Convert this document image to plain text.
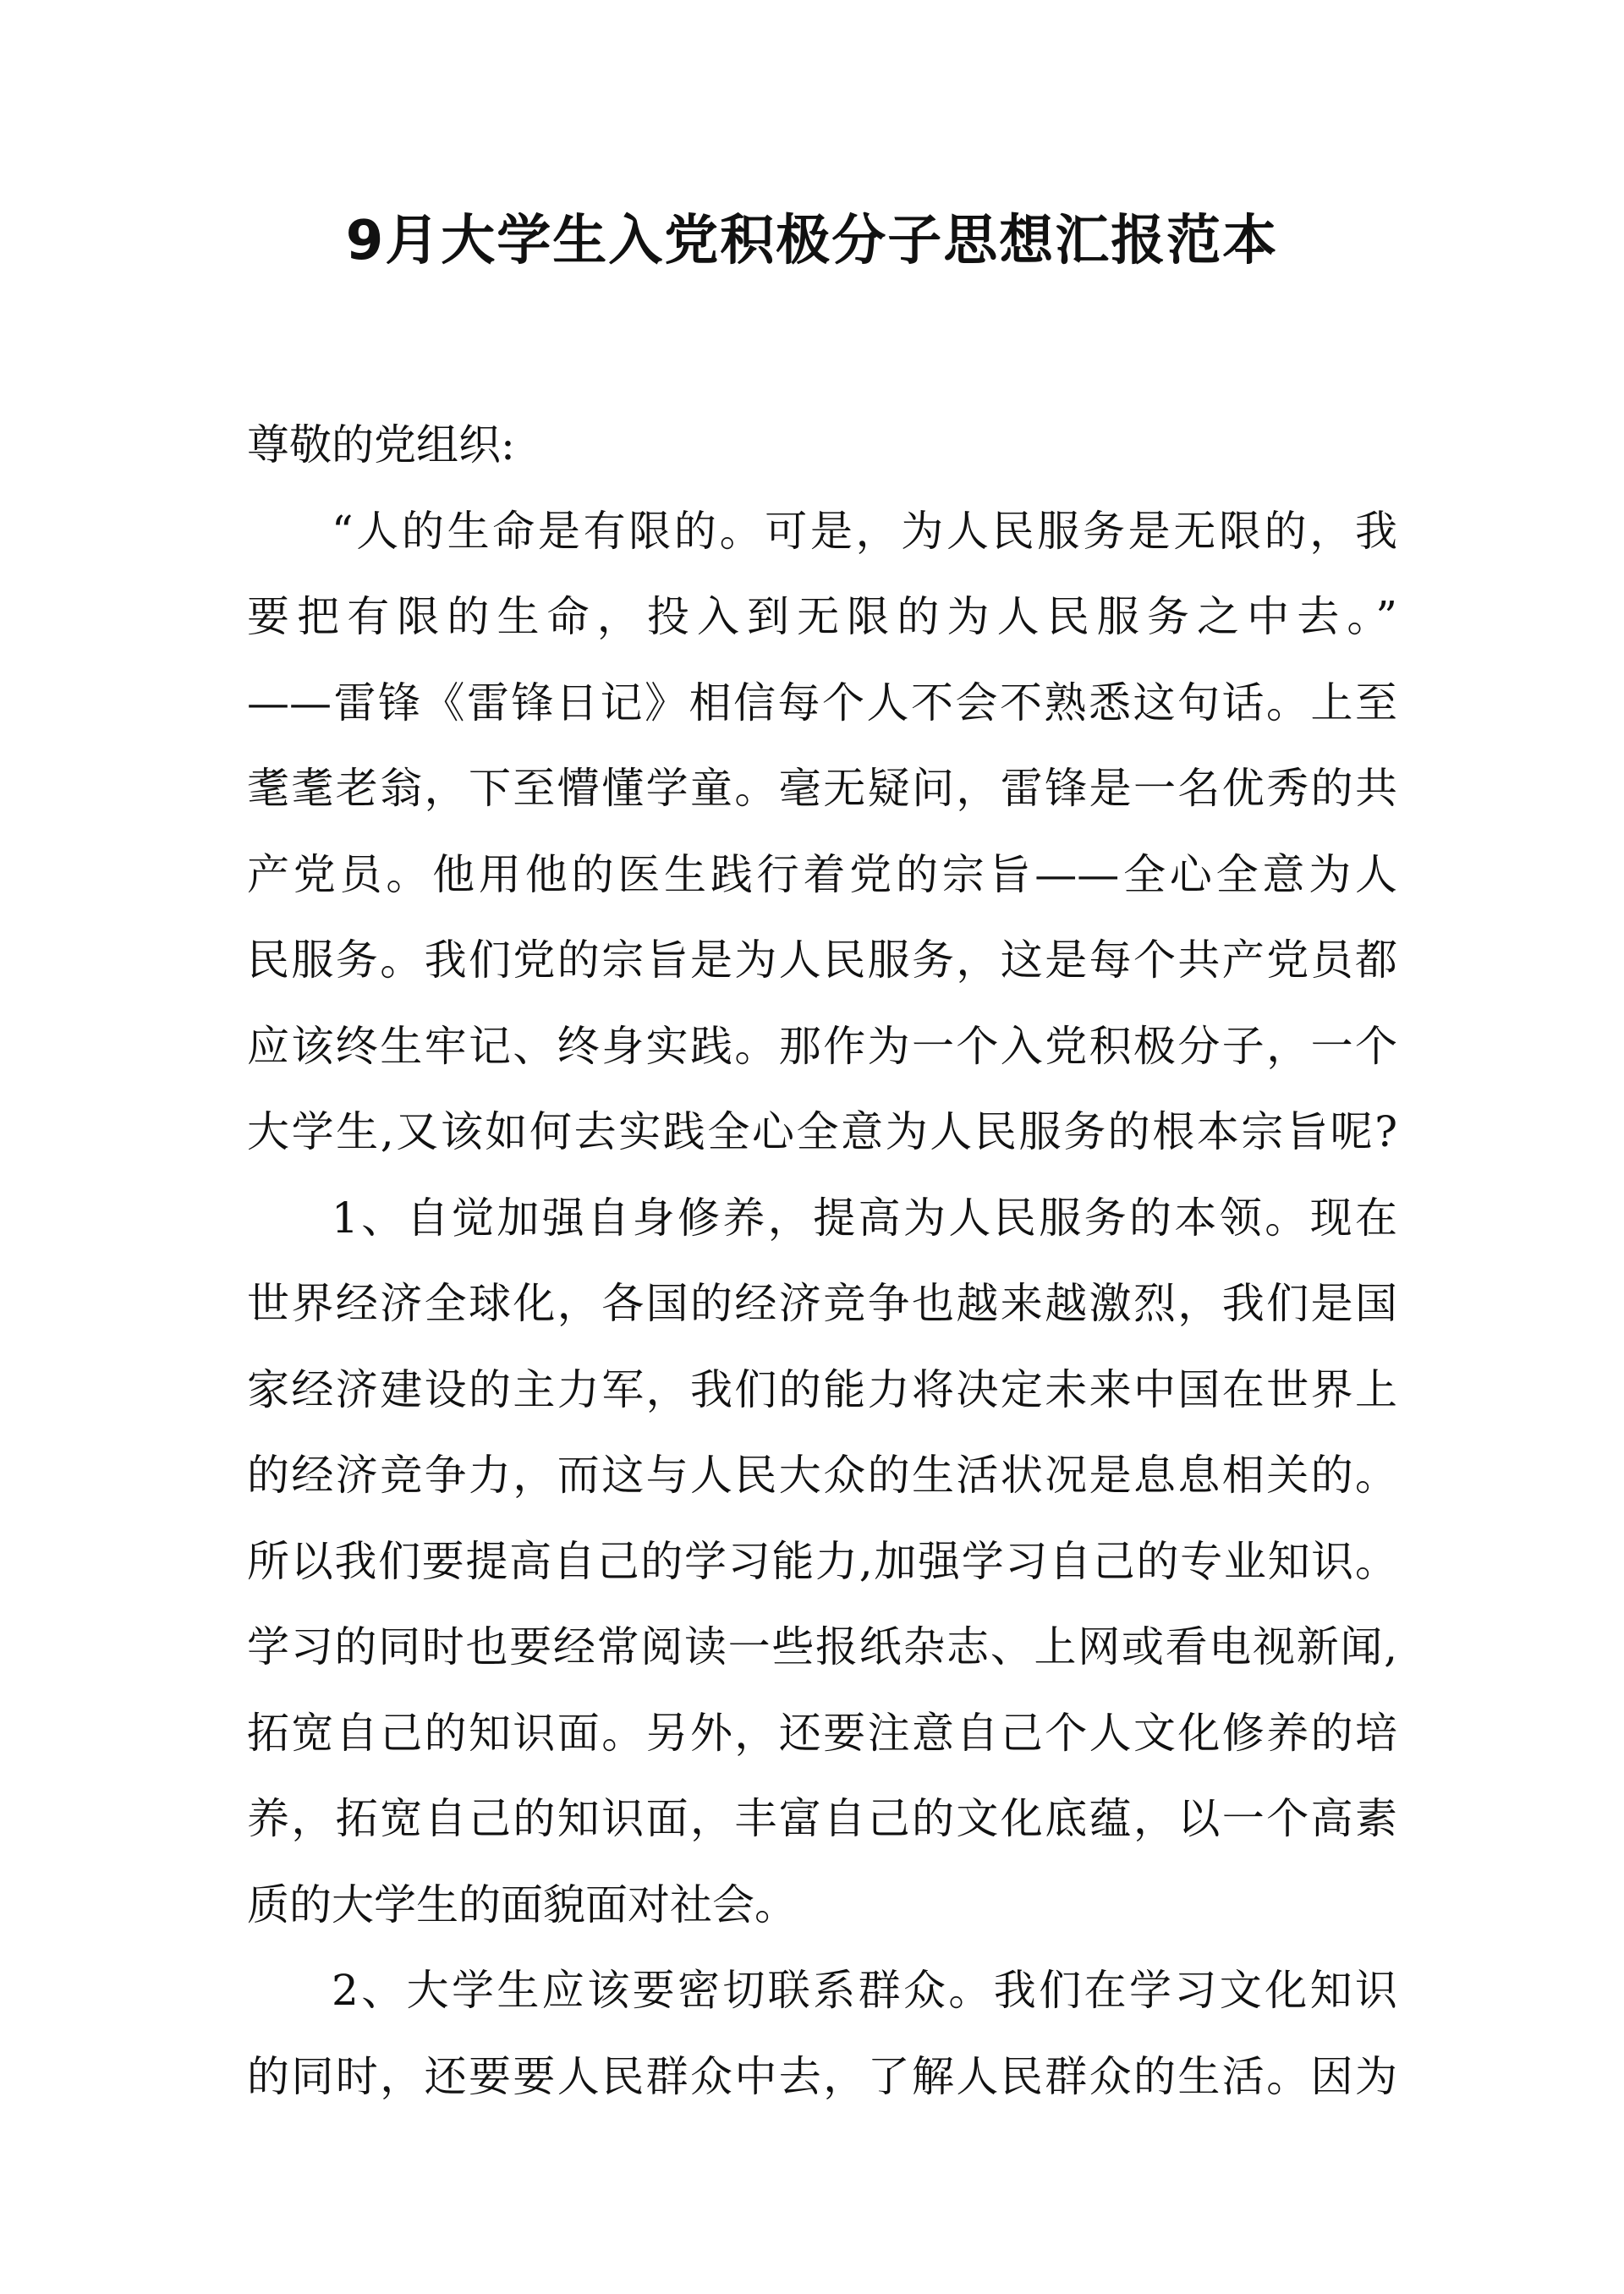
9月大学生入党积极分子思想汇报范本
尊敬的党组织:
“人的生命是有限的。可是，为人民服务是无限的，我
要把有限的生命，投入到无限的为人民服务之中去。”
——雷锋《雷锋日记》相信每个人不会不熟悉这句话。上至
耄耄老翁，下至懵懂学童。毫无疑问，雷锋是一名优秀的共
产党员。他用他的医生践行着党的宗旨——全心全意为人
民服务。我们党的宗旨是为人民服务，这是每个共产党员都
应该终生牢记、终身实践。那作为一个入党积极分子，一个
大学生,又该如何去实践全心全意为人民服务的根本宗旨呢?
1、自觉加强自身修养，提高为人民服务的本领。现在
世界经济全球化，各国的经济竞争也越来越激烈，我们是国
家经济建设的主力军，我们的能力将决定未来中国在世界上
的经济竞争力，而这与人民大众的生活状况是息息相关的。
所以我们要提高自己的学习能力,加强学习自己的专业知识。
学习的同时也要经常阅读一些报纸杂志、上网或看电视新闻,
拓宽自己的知识面。另外，还要注意自己个人文化修养的培
养，拓宽自己的知识面，丰富自己的文化底蕴，以一个高素
质的大学生的面貌面对社会。
2、大学生应该要密切联系群众。我们在学习文化知识
的同时，还要要人民群众中去，了解人民群众的生活。因为
